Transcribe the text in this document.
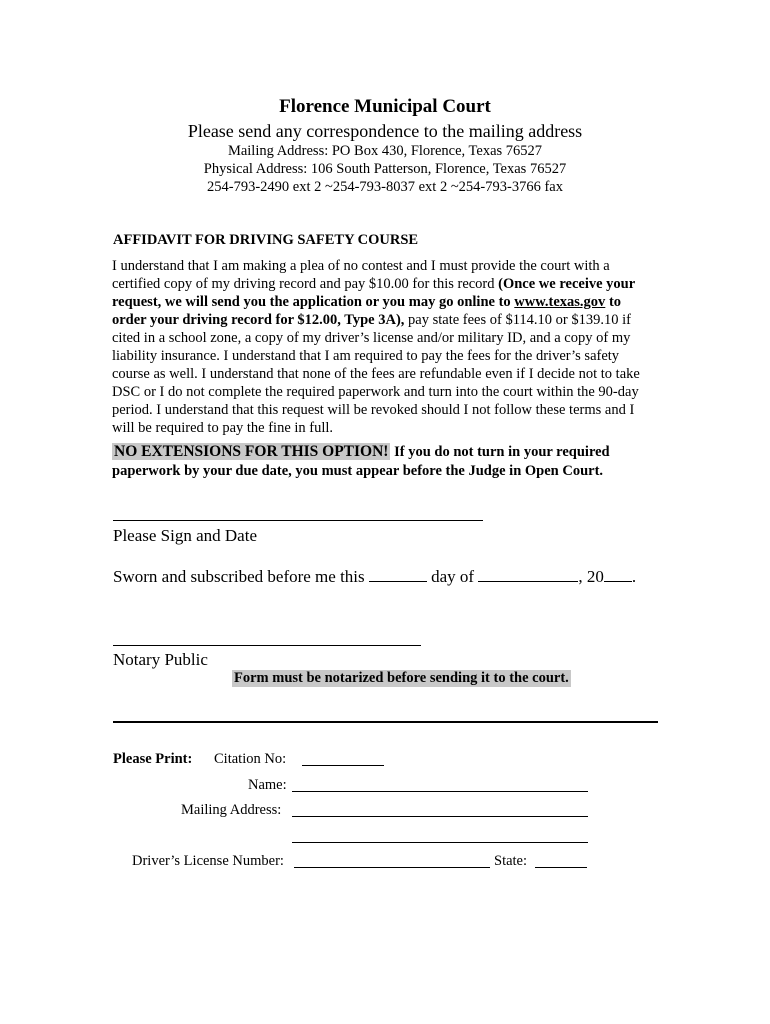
Florence Municipal Court
Please send any correspondence to the mailing address
Mailing Address: PO Box 430, Florence, Texas 76527
Physical Address: 106 South Patterson, Florence, Texas 76527
254-793-2490 ext 2 ~254-793-8037 ext 2 ~254-793-3766 fax
AFFIDAVIT FOR DRIVING SAFETY COURSE
I understand that I am making a plea of no contest and I must provide the court with a certified copy of my driving record and pay $10.00 for this record (Once we receive your request, we will send you the application or you may go online to www.texas.gov to order your driving record for $12.00, Type 3A), pay state fees of $114.10 or $139.10 if cited in a school zone, a copy of my driver’s license and/or military ID, and a copy of my liability insurance. I understand that I am required to pay the fees for the driver’s safety course as well. I understand that none of the fees are refundable even if I decide not to take DSC or I do not complete the required paperwork and turn into the court within the 90-day period. I understand that this request will be revoked should I not follow these terms and I will be required to pay the fine in full.
NO EXTENSIONS FOR THIS OPTION! If you do not turn in your required paperwork by your due date, you must appear before the Judge in Open Court.
Please Sign and Date
Sworn and subscribed before me this	day of	, 20 .
Notary Public
Form must be notarized before sending it to the court.
Please Print: Citation No:
Name:
Mailing Address:
Driver’s License Number:	State:
